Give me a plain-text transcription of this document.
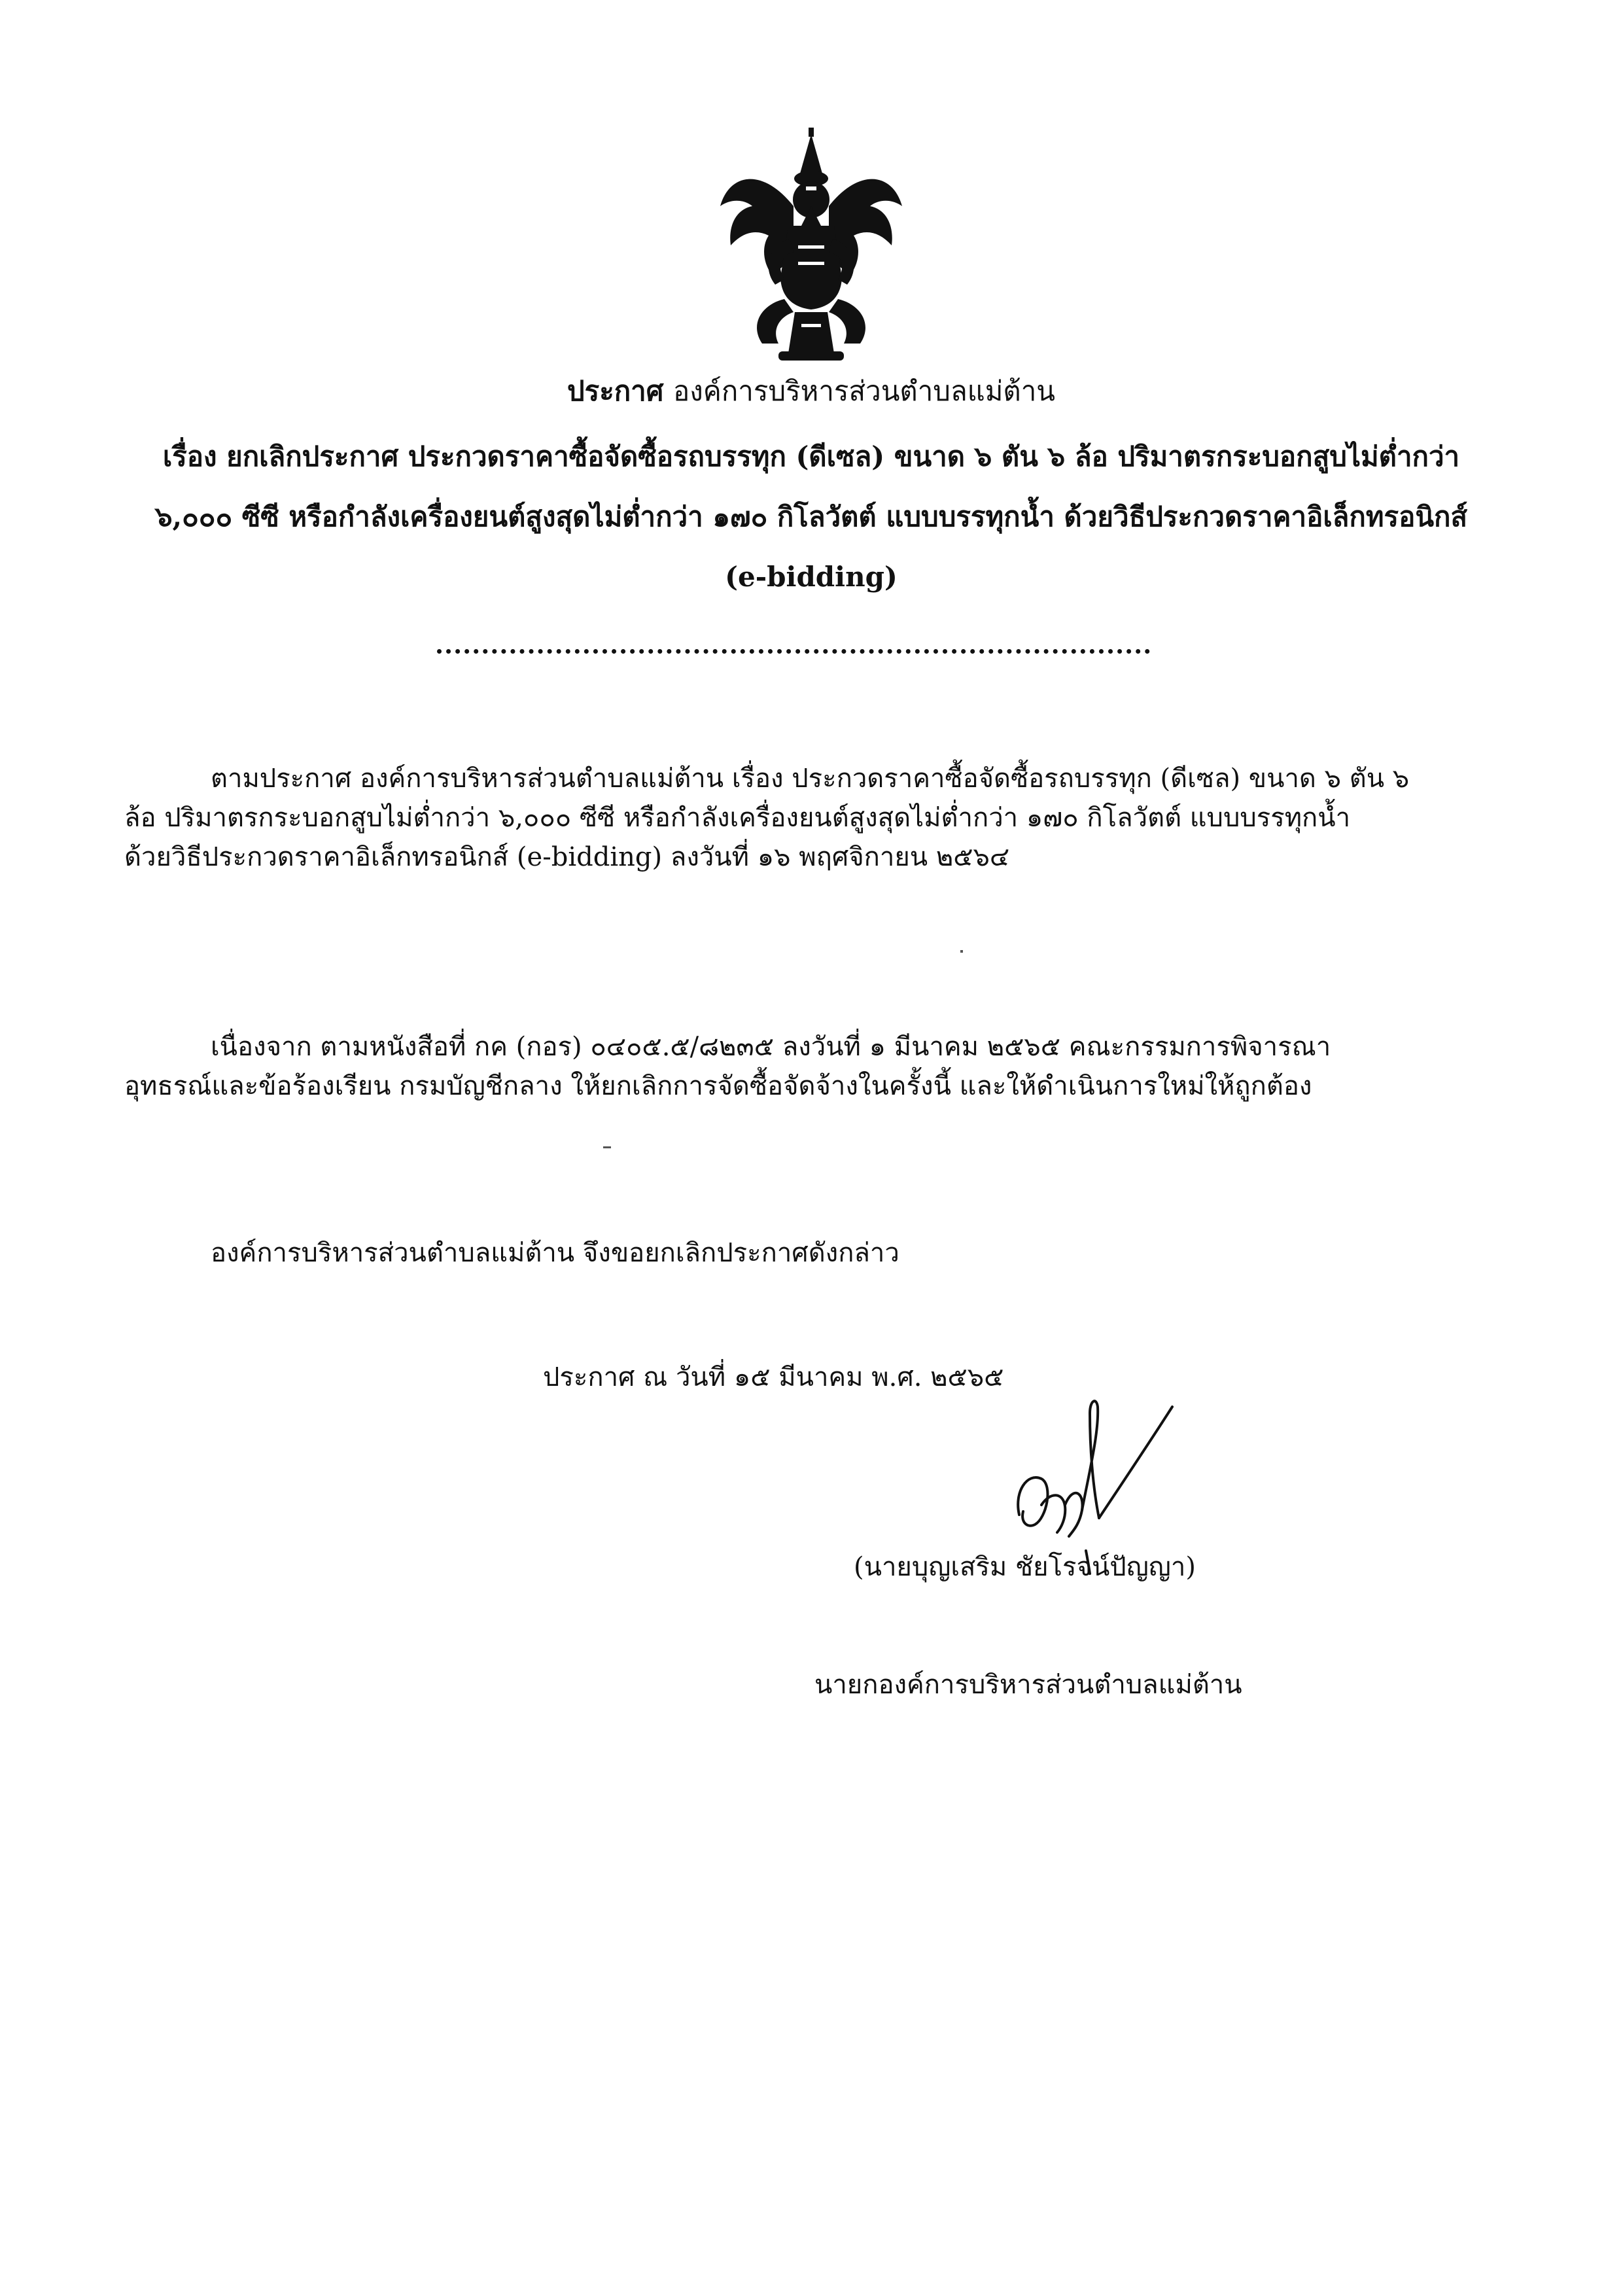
ประกาศ องค์การบริหารส่วนตำบลแม่ต้าน
เรื่อง ยกเลิกประกาศ ประกวดราคาซื้อจัดซื้อรถบรรทุก (ดีเซล) ขนาด ๖ ตัน ๖ ล้อ ปริมาตรกระบอกสูบไม่ต่ำกว่า
๖,๐๐๐ ซีซี หรือกำลังเครื่องยนต์สูงสุดไม่ต่ำกว่า ๑๗๐ กิโลวัตต์ แบบบรรทุกน้ำ ด้วยวิธีประกวดราคาอิเล็กทรอนิกส์
(e-bidding)
ตามประกาศ องค์การบริหารส่วนตำบลแม่ต้าน เรื่อง ประกวดราคาซื้อจัดซื้อรถบรรทุก (ดีเซล) ขนาด ๖ ตัน ๖
ล้อ ปริมาตรกระบอกสูบไม่ต่ำกว่า ๖,๐๐๐ ซีซี หรือกำลังเครื่องยนต์สูงสุดไม่ต่ำกว่า ๑๗๐ กิโลวัตต์ แบบบรรทุกน้ำ
ด้วยวิธีประกวดราคาอิเล็กทรอนิกส์ (e-bidding) ลงวันที่ ๑๖ พฤศจิกายน ๒๕๖๔
เนื่องจาก ตามหนังสือที่ กค (กอร) ๐๔๐๕.๕/๘๒๓๕ ลงวันที่ ๑ มีนาคม ๒๕๖๕ คณะกรรมการพิจารณา
อุทธรณ์และข้อร้องเรียน กรมบัญชีกลาง ให้ยกเลิกการจัดซื้อจัดจ้างในครั้งนี้ และให้ดำเนินการใหม่ให้ถูกต้อง
องค์การบริหารส่วนตำบลแม่ต้าน จึงขอยกเลิกประกาศดังกล่าว
ประกาศ ณ วันที่ ๑๕ มีนาคม พ.ศ. ๒๕๖๕
(นายบุญเสริม ชัยโรจน์ปัญญา)
นายกองค์การบริหารส่วนตำบลแม่ต้าน
